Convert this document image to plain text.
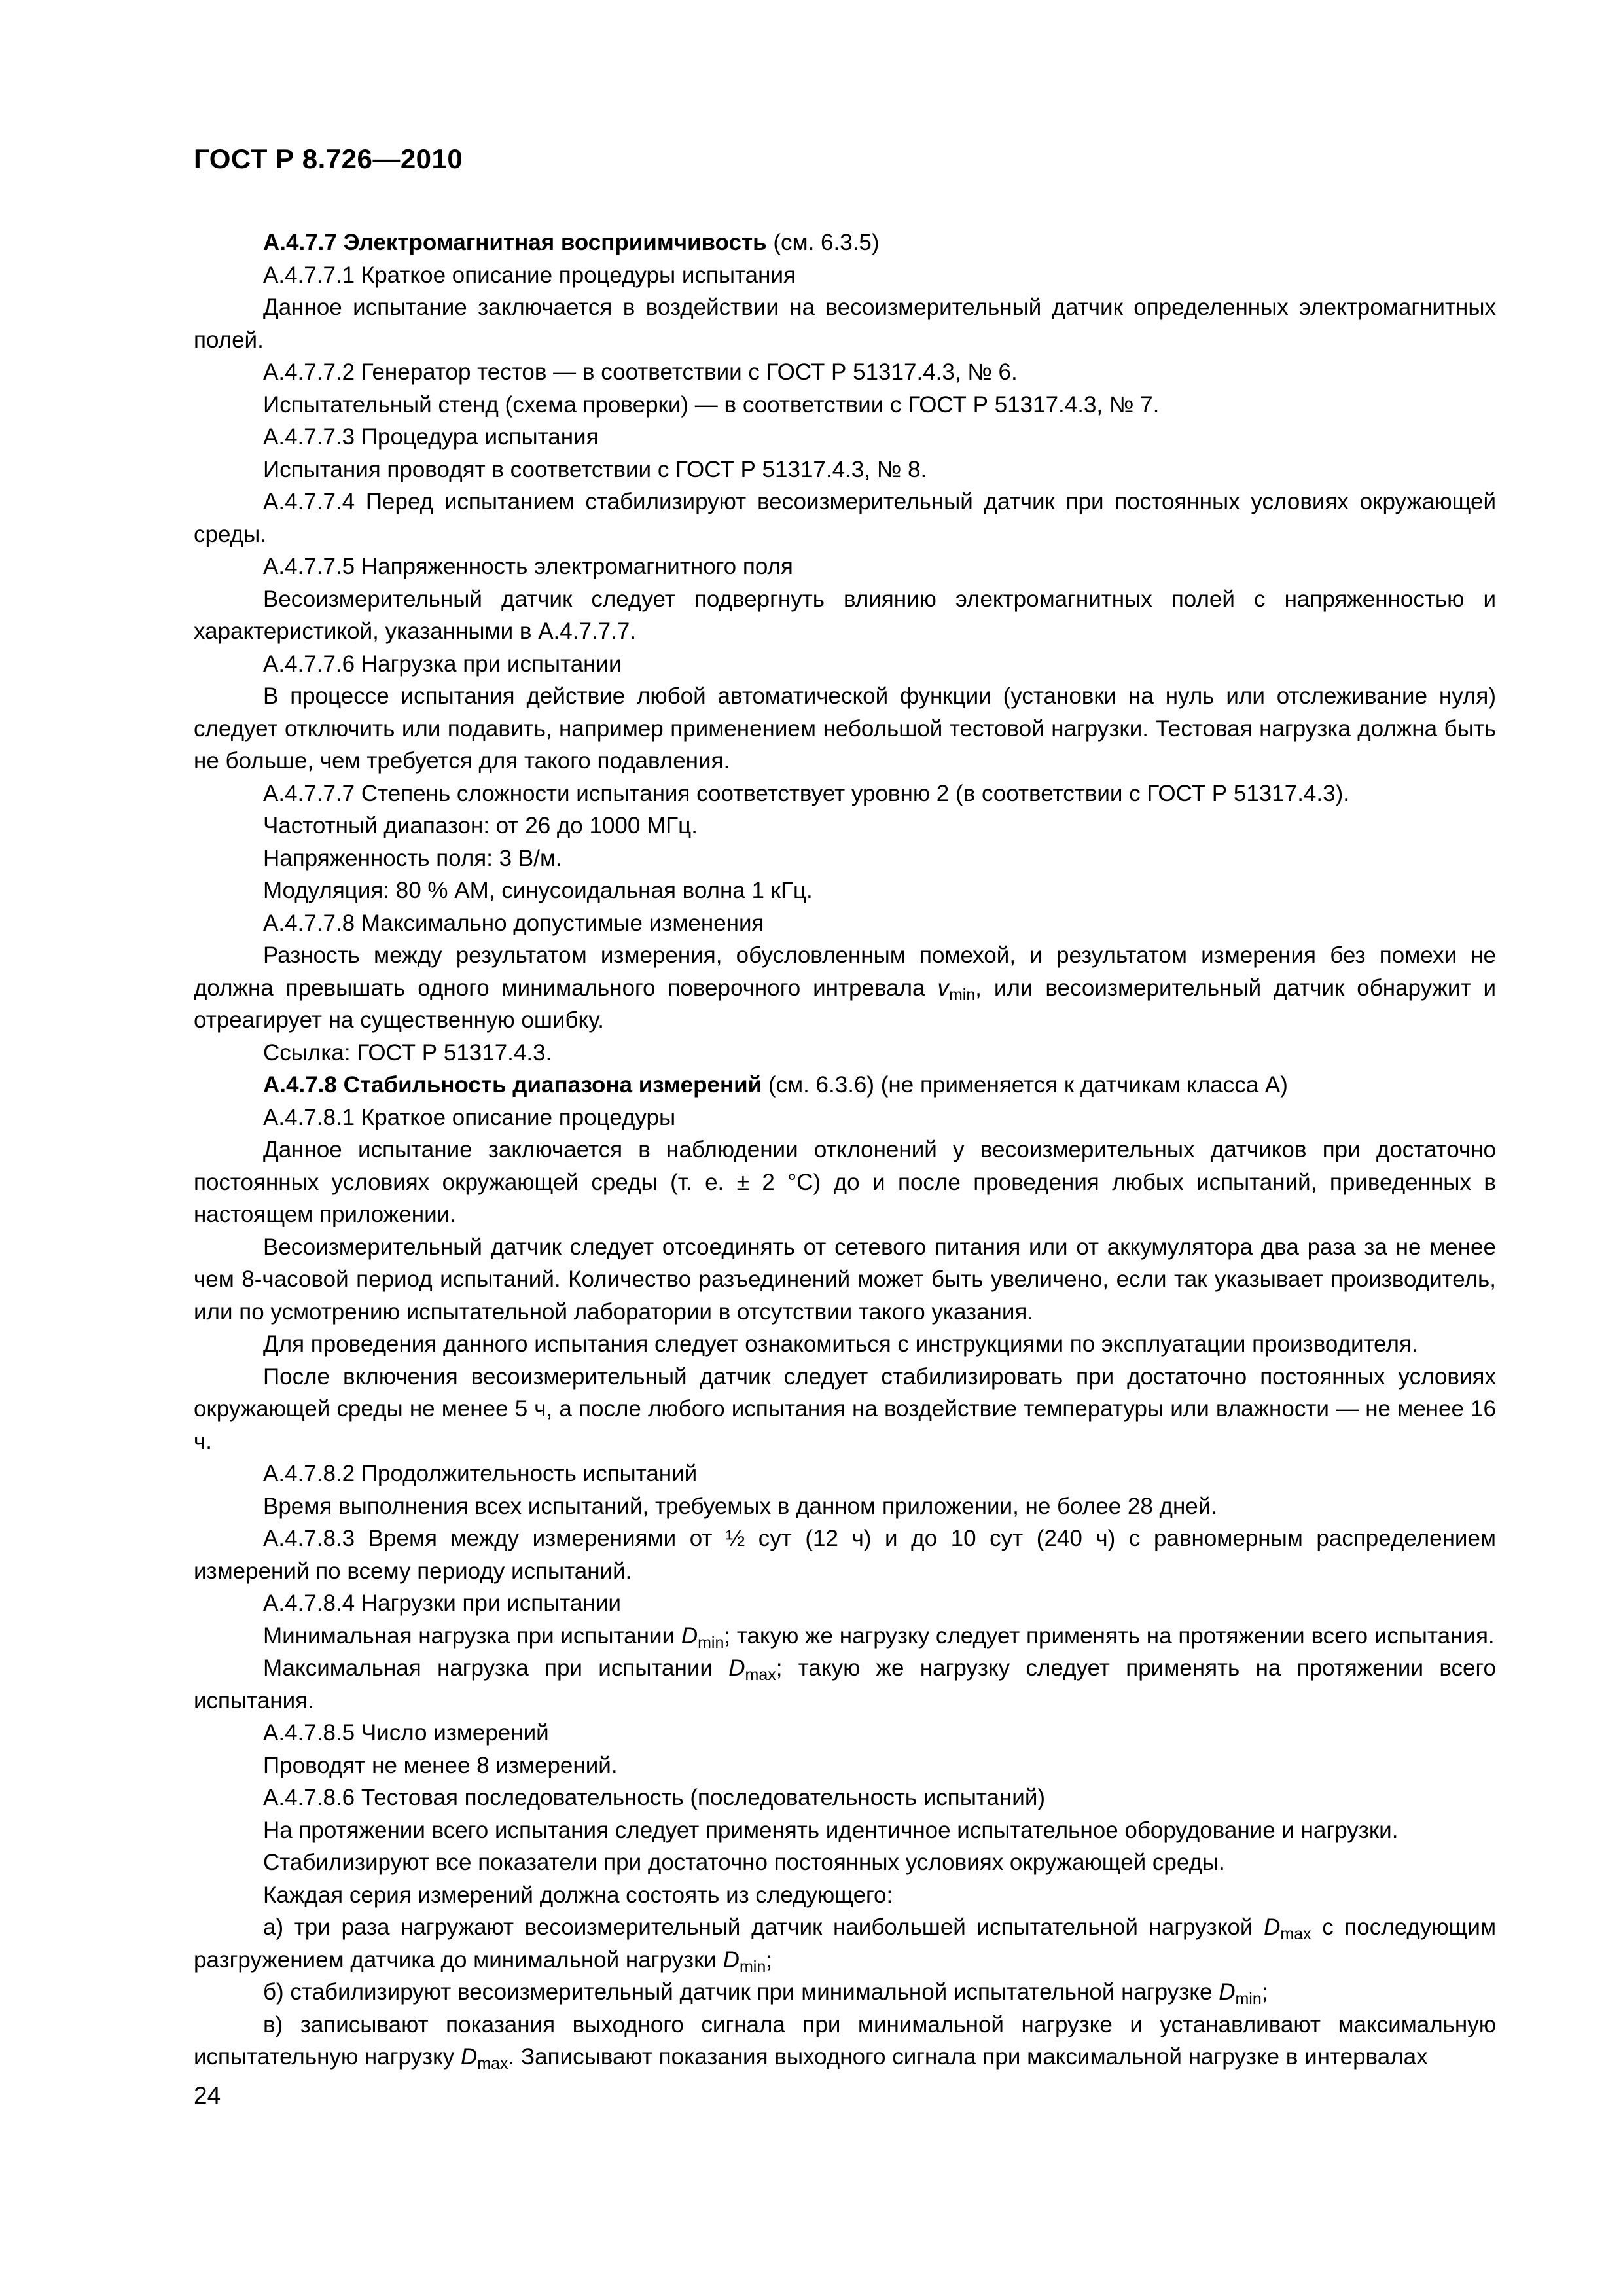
ГОСТ Р 8.726—2010

А.4.7.7 Электромагнитная восприимчивость (см. 6.3.5)

А.4.7.7.1 Краткое описание процедуры испытания

Данное испытание заключается в воздействии на весоизмерительный датчик определенных электромагнитных полей.

А.4.7.7.2 Генератор тестов — в соответствии с ГОСТ Р 51317.4.3, № 6.

Испытательный стенд (схема проверки) — в соответствии с ГОСТ Р 51317.4.3, № 7.

А.4.7.7.3 Процедура испытания

Испытания проводят в соответствии с ГОСТ Р 51317.4.3, № 8.

А.4.7.7.4 Перед испытанием стабилизируют весоизмерительный датчик при постоянных условиях окружающей среды.

А.4.7.7.5 Напряженность электромагнитного поля

Весоизмерительный датчик следует подвергнуть влиянию электромагнитных полей с напряженностью и характеристикой, указанными в А.4.7.7.7.

А.4.7.7.6 Нагрузка при испытании

В процессе испытания действие любой автоматической функции (установки на нуль или отслеживание нуля) следует отключить или подавить, например применением небольшой тестовой нагрузки. Тестовая нагрузка должна быть не больше, чем требуется для такого подавления.

А.4.7.7.7 Степень сложности испытания соответствует уровню 2 (в соответствии с ГОСТ Р 51317.4.3).

Частотный диапазон: от 26 до 1000 МГц.

Напряженность поля: 3 В/м.

Модуляция: 80 % АМ, синусоидальная волна 1 кГц.

А.4.7.7.8 Максимально допустимые изменения

Разность между результатом измерения, обусловленным помехой, и результатом измерения без помехи не должна превышать одного минимального поверочного интревала $v_{min}$, или весоизмерительный датчик обнаружит и отреагирует на существенную ошибку.

Ссылка: ГОСТ Р 51317.4.3.

А.4.7.8 Стабильность диапазона измерений (см. 6.3.6) (не применяется к датчикам класса А)

А.4.7.8.1 Краткое описание процедуры

Данное испытание заключается в наблюдении отклонений у весоизмерительных датчиков при достаточно постоянных условиях окружающей среды (т. е. ± 2 °С) до и после проведения любых испытаний, приведенных в настоящем приложении.

Весоизмерительный датчик следует отсоединять от сетевого питания или от аккумулятора два раза за не менее чем 8-часовой период испытаний. Количество разъединений может быть увеличено, если так указывает производитель, или по усмотрению испытательной лаборатории в отсутствии такого указания.

Для проведения данного испытания следует ознакомиться с инструкциями по эксплуатации производителя.

После включения весоизмерительный датчик следует стабилизировать при достаточно постоянных условиях окружающей среды не менее 5 ч, а после любого испытания на воздействие температуры или влажности — не менее 16 ч.

А.4.7.8.2 Продолжительность испытаний

Время выполнения всех испытаний, требуемых в данном приложении, не более 28 дней.

А.4.7.8.3 Время между измерениями от ½ сут (12 ч) и до 10 сут (240 ч) с равномерным распределением измерений по всему периоду испытаний.

А.4.7.8.4 Нагрузки при испытании

Минимальная нагрузка при испытании $D_{min}$; такую же нагрузку следует применять на протяжении всего испытания.

Максимальная нагрузка при испытании $D_{max}$; такую же нагрузку следует применять на протяжении всего испытания.

А.4.7.8.5 Число измерений

Проводят не менее 8 измерений.

А.4.7.8.6 Тестовая последовательность (последовательность испытаний)

На протяжении всего испытания следует применять идентичное испытательное оборудование и нагрузки.

Стабилизируют все показатели при достаточно постоянных условиях окружающей среды.

Каждая серия измерений должна состоять из следующего:

а) три раза нагружают весоизмерительный датчик наибольшей испытательной нагрузкой $D_{max}$ с последующим разгружением датчика до минимальной нагрузки $D_{min}$;

б) стабилизируют весоизмерительный датчик при минимальной испытательной нагрузке $D_{min}$;

в) записывают показания выходного сигнала при минимальной нагрузке и устанавливают максимальную испытательную нагрузку $D_{max}$. Записывают показания выходного сигнала при максимальной нагрузке в интервалах

24
